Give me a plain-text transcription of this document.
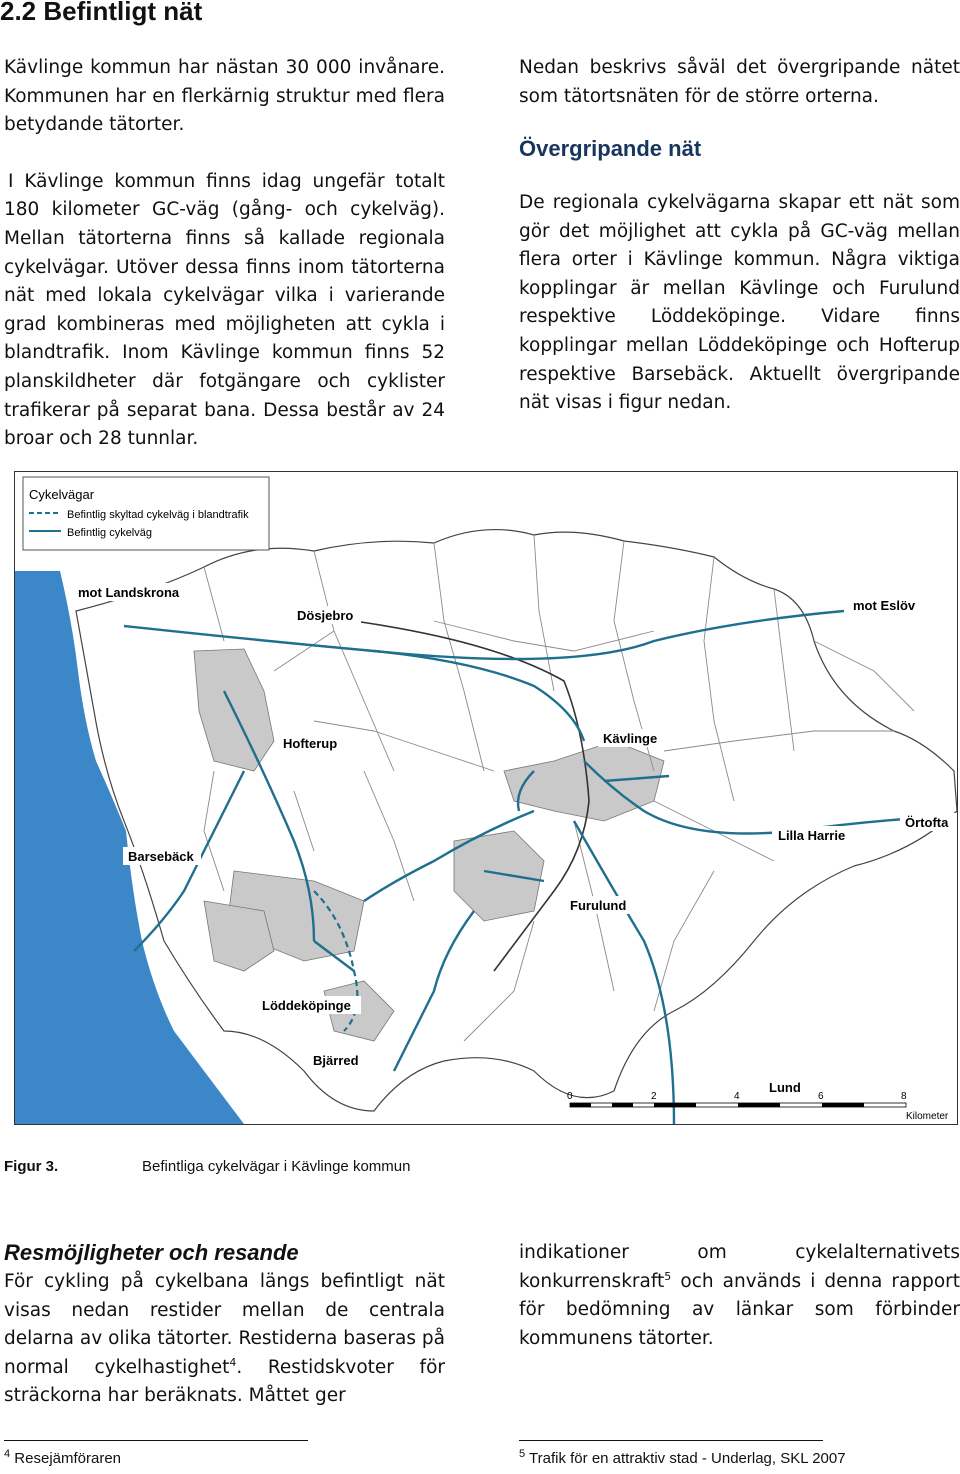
2.2 Befintligt nät

Kävlinge kommun har nästan 30 000 invånare. Kommunen har en flerkärnig struktur med flera betydande tätorter.

I Kävlinge kommun finns idag ungefär totalt 180 kilometer GC-väg (gång- och cykelväg). Mellan tätorterna finns så kallade regionala cykelvägar. Utöver dessa finns inom tätorterna nät med lokala cykelvägar vilka i varierande grad kombineras med möjligheten att cykla i blandtrafik. Inom Kävlinge kommun finns 52 planskildheter där fotgängare och cyklister trafikerar på separat bana. Dessa består av 24 broar och 28 tunnlar.

Nedan beskrivs såväl det övergripande nätet som tätortsnäten för de större orterna.

Övergripande nät

De regionala cykelvägarna skapar ett nät som gör det möjlighet att cykla på GC-väg mellan flera orter i Kävlinge kommun. Några viktiga kopplingar är mellan Kävlinge och Furulund respektive Löddeköpinge. Vidare finns kopplingar mellan Löddeköpinge och Hofterup respektive Barsebäck. Aktuellt övergripande nät visas i figur nedan.

Cykelvägar
Befintlig skyltad cykelväg i blandtrafik
Befintlig cykelväg
mot Landskrona
Dösjebro
mot Eslöv
Hofterup	Kävlinge
Lilla Harrie
Örtofta
Barsebäck
Furulund
Löddeköpinge
Bjärred
Lund
0	2	4	6	8
Kilometer
Figur 3.	Befintliga cykelvägar i Kävlinge kommun
Resmöjligheter och resande

För cykling på cykelbana längs befintligt nät visas nedan restider mellan de centrala delarna av olika tätorter. Restiderna baseras på normal cykelhastighet$^4$. Restidskvoter för sträckorna har beräknats. Måttet ger

indikationer om cykelalternativets konkurrenskraft$^5$ och används i denna rapport för bedömning av länkar som förbinder kommunens tätorter.

$^4$ Resejämföraren	$^5$ Trafik för en attraktiv stad - Underlag, SKL 2007
